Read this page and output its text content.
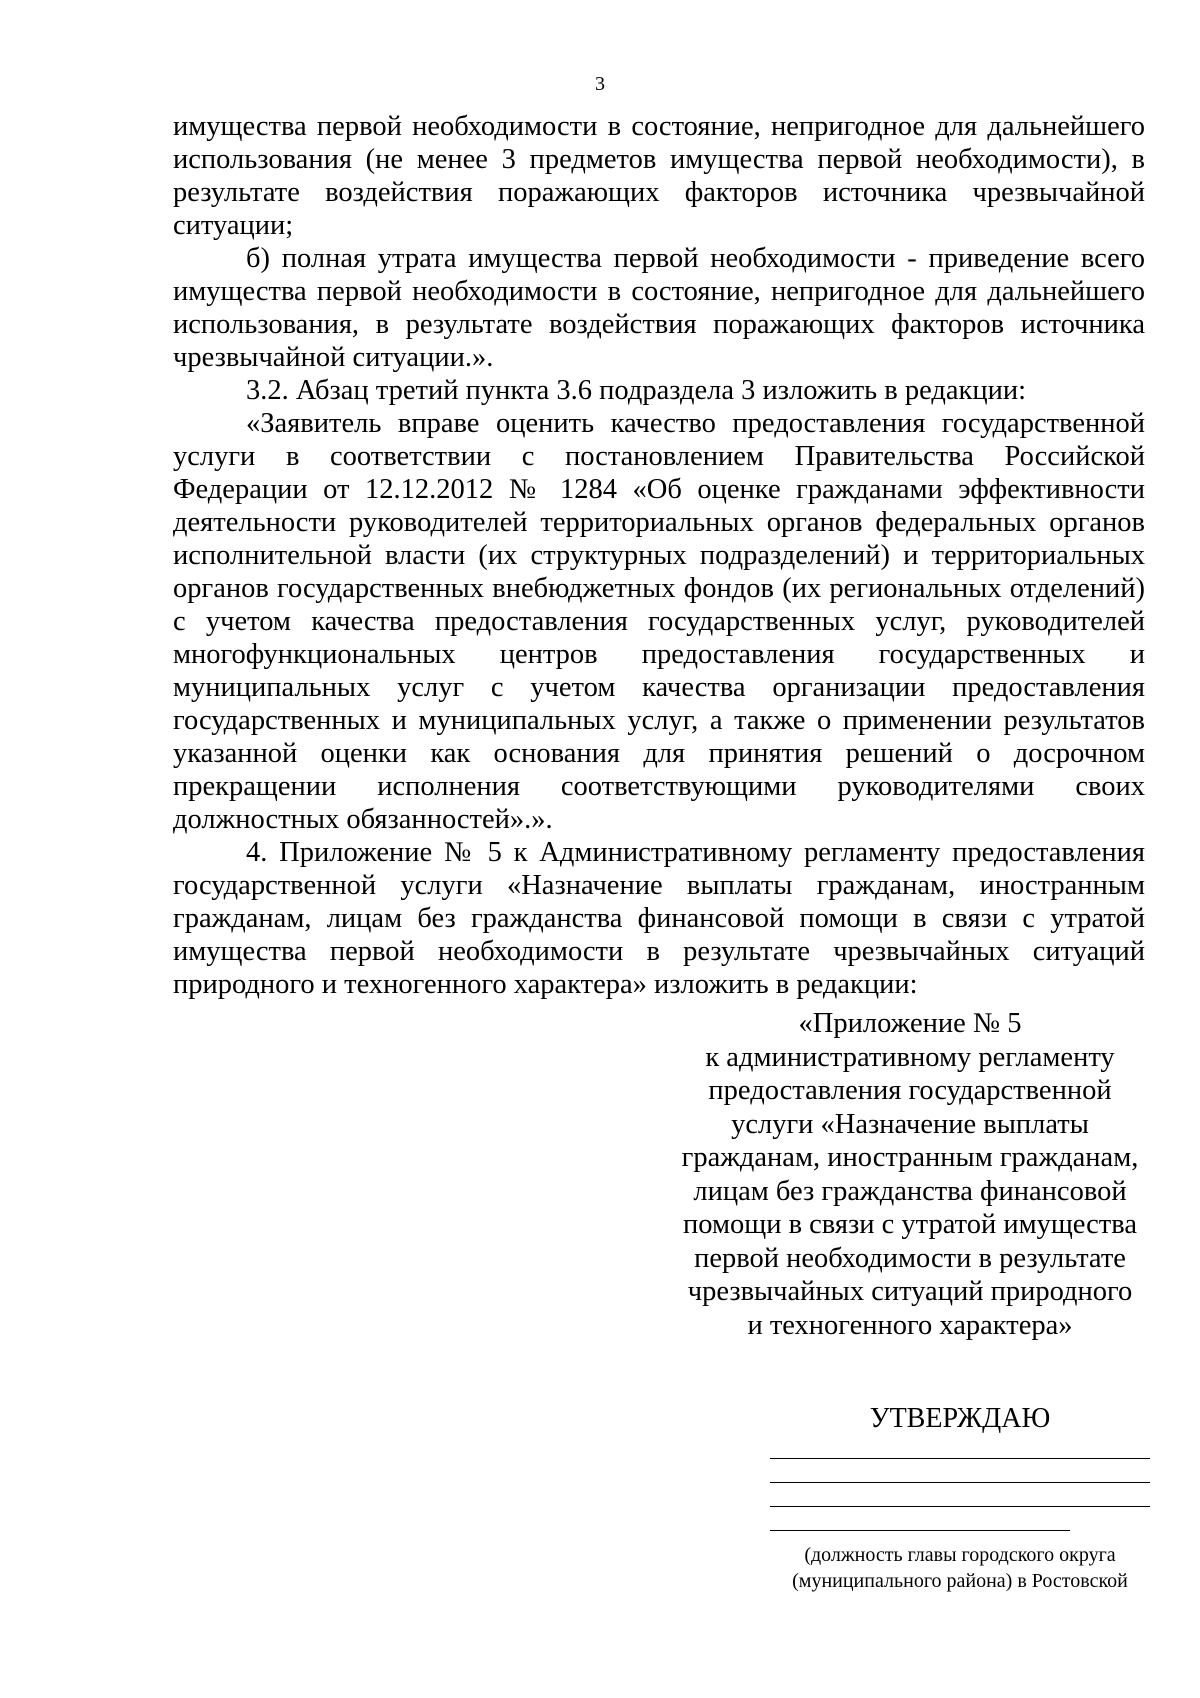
3

имущества первой необходимости в состояние, непригодное для дальнейшего использования (не менее 3 предметов имущества первой необходимости), в результате воздействия поражающих факторов источника чрезвычайной ситуации;

б) полная утрата имущества первой необходимости - приведение всего имущества первой необходимости в состояние, непригодное для дальнейшего использования, в результате воздействия поражающих факторов источника чрезвычайной ситуации.».

3.2. Абзац третий пункта 3.6 подраздела 3 изложить в редакции:

«Заявитель вправе оценить качество предоставления государственной услуги в соответствии с постановлением Правительства Российской Федерации от 12.12.2012 № 1284 «Об оценке гражданами эффективности деятельности руководителей территориальных органов федеральных органов исполнительной власти (их структурных подразделений) и территориальных органов государственных внебюджетных фондов (их региональных отделений) с учетом качества предоставления государственных услуг, руководителей многофункциональных центров предоставления государственных и муниципальных услуг с учетом качества организации предоставления государственных и муниципальных услуг, а также о применении результатов указанной оценки как основания для принятия решений о досрочном прекращении исполнения соответствующими руководителями своих должностных обязанностей».».

4. Приложение № 5 к Административному регламенту предоставления государственной услуги «Назначение выплаты гражданам, иностранным гражданам, лицам без гражданства финансовой помощи в связи с утратой имущества первой необходимости в результате чрезвычайных ситуаций природного и техногенного характера» изложить в редакции:

«Приложение № 5
к административному регламенту
предоставления государственной
услуги «Назначение выплаты
гражданам, иностранным гражданам,
лицам без гражданства финансовой
помощи в связи с утратой имущества
первой необходимости в результате
чрезвычайных ситуаций природного
и техногенного характера»
УТВЕРЖДАЮ
(должность главы городского округа
(муниципального района) в Ростовской
